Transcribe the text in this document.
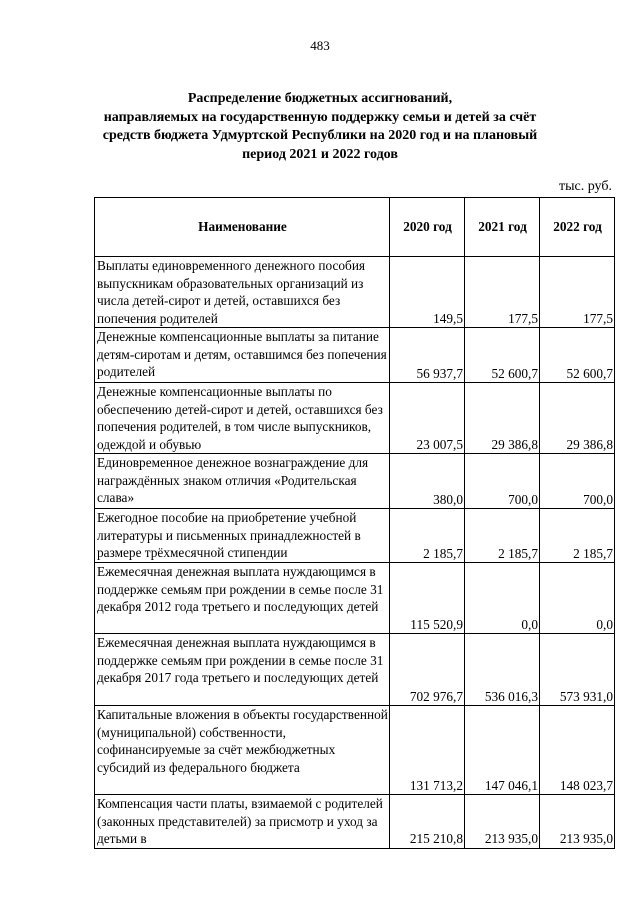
483
Распределение бюджетных ассигнований,
направляемых на государственную поддержку семьи и детей за счёт
средств бюджета Удмуртской Республики на 2020 год и на плановый
период 2021 и 2022 годов
тыс. руб.
Наименование	2020 год	2021 год	2022 год
Выплаты единовременного денежного пособия выпускникам образовательных организаций из числа детей-сирот и детей, оставшихся без попечения родителей	149,5	177,5	177,5
Денежные компенсационные выплаты за питание детям-сиротам и детям, оставшимся без попечения родителей	56 937,7	52 600,7	52 600,7
Денежные компенсационные выплаты по обеспечению детей-сирот и детей, оставшихся без попечения родителей, в том числе выпускников, одеждой и обувью	23 007,5	29 386,8	29 386,8
Единовременное денежное вознаграждение для награждённых знаком отличия «Родительская слава»	380,0	700,0	700,0
Ежегодное пособие на приобретение учебной литературы и письменных принадлежностей в размере трёхмесячной стипендии	2 185,7	2 185,7	2 185,7
Ежемесячная денежная выплата нуждающимся в поддержке семьям при рождении в семье после 31 декабря 2012 года третьего и последующих детей	115 520,9	0,0	0,0
Ежемесячная денежная выплата нуждающимся в поддержке семьям при рождении в семье после 31 декабря 2017 года третьего и последующих детей	702 976,7	536 016,3	573 931,0
Капитальные вложения в объекты государственной (муниципальной) собственности, софинансируемые за счёт межбюджетных субсидий из федерального бюджета	131 713,2	147 046,1	148 023,7
Компенсация части платы, взимаемой с родителей (законных представителей) за присмотр и уход за детьми в	215 210,8	213 935,0	213 935,0
